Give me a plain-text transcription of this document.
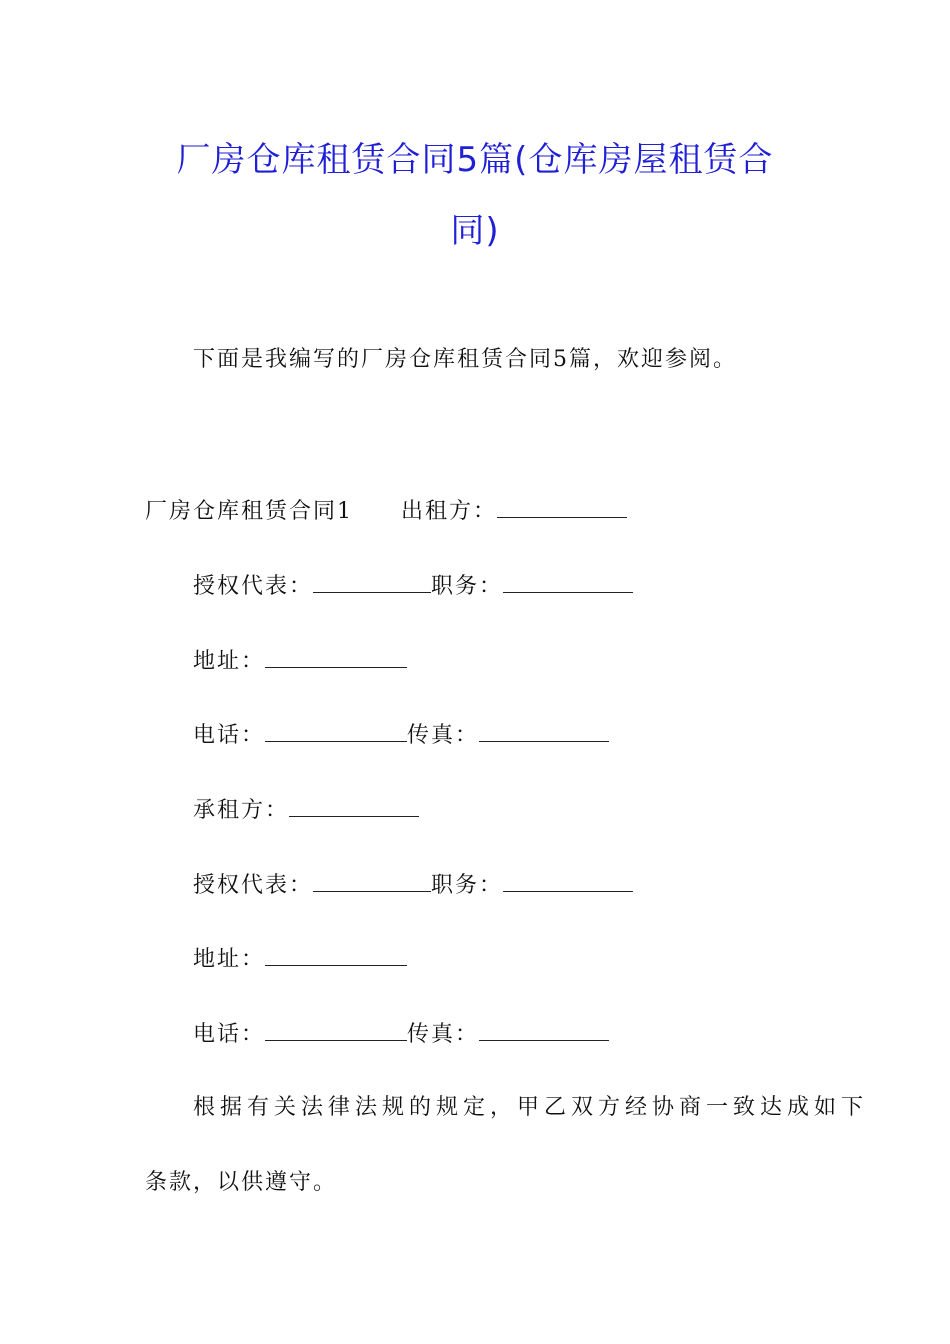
厂房仓库租赁合同5篇(仓库房屋租赁合
同)
下面是我编写的厂房仓库租赁合同5篇，欢迎参阅。
厂房仓库租赁合同1 出租方：
授权代表：	职务：
地址：
电话：	传真：
承租方：
授权代表：	职务：
地址：
电话：	传真：
根据有关法律法规的规定，甲乙双方经协商一致达成如下
条款，以供遵守。
